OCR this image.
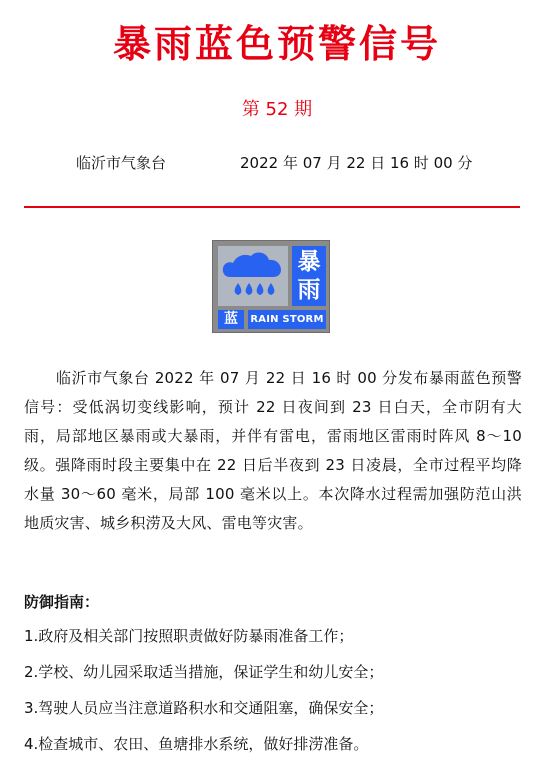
暴雨蓝色预警信号
第 52 期
临沂市气象台	2022 年 07 月 22 日 16 时 00 分
暴
雨
蓝	RAIN STORM
临沂市气象台 2022 年 07 月 22 日 16 时 00 分发布暴雨蓝色预警信号：受低涡切变线影响，预计 22 日夜间到 23 日白天，全市阴有大雨，局部地区暴雨或大暴雨，并伴有雷电，雷雨地区雷雨时阵风 8～10 级。强降雨时段主要集中在 22 日后半夜到 23 日凌晨，全市过程平均降水量 30～60 毫米，局部 100 毫米以上。本次降水过程需加强防范山洪地质灾害、城乡积涝及大风、雷电等灾害。
防御指南：
1.政府及相关部门按照职责做好防暴雨准备工作；
2.学校、幼儿园采取适当措施，保证学生和幼儿安全；
3.驾驶人员应当注意道路积水和交通阻塞，确保安全；
4.检查城市、农田、鱼塘排水系统，做好排涝准备。
